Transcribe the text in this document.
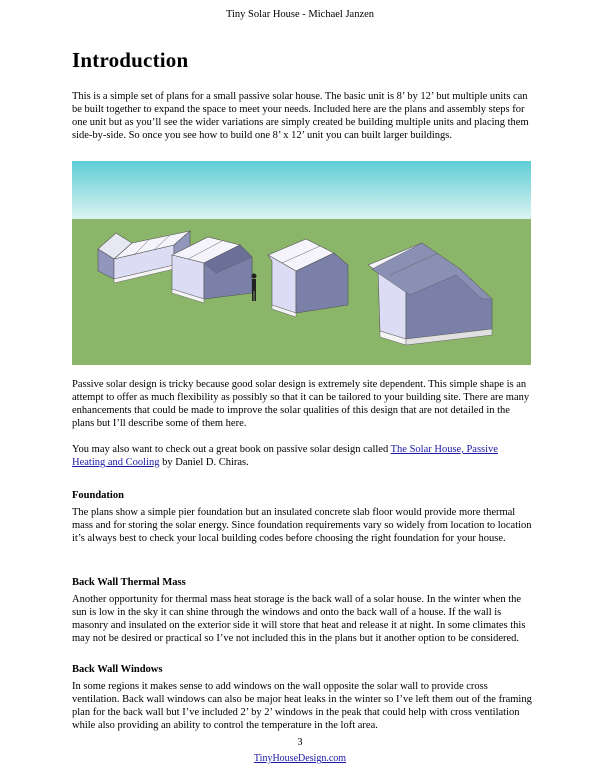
Tiny Solar House - Michael Janzen
Introduction

This is a simple set of plans for a small passive solar house. The basic unit is 8’ by 12’ but multiple units can be built together to expand the space to meet your needs. Included here are the plans and assembly steps for one unit but as you’ll see the wider variations are simply created be building multiple units and placing them side-by-side. So once you see how to build one 8’ x 12’ unit you can built larger buildings.

Passive solar design is tricky because good solar design is extremely site dependent. This simple shape is an attempt to offer as much flexibility as possibly so that it can be tailored to your building site. There are many enhancements that could be made to improve the solar qualities of this design that are not detailed in the plans but I’ll describe some of them here.

You may also want to check out a great book on passive solar design called The Solar House, Passive Heating and Cooling by Daniel D. Chiras.

Foundation

The plans show a simple pier foundation but an insulated concrete slab floor would provide more thermal mass and for storing the solar energy. Since foundation requirements vary so widely from location to location it’s always best to check your local building codes before choosing the right foundation for your house.

Back Wall Thermal Mass

Another opportunity for thermal mass heat storage is the back wall of a solar house. In the winter when the sun is low in the sky it can shine through the windows and onto the back wall of a house. If the wall is masonry and insulated on the exterior side it will store that heat and release it at night. In some climates this may not be desired or practical so I’ve not included this in the plans but it another option to be considered.

Back Wall Windows

In some regions it makes sense to add windows on the wall opposite the solar wall to provide cross ventilation. Back wall windows can also be major heat leaks in the winter so I’ve left them out of the framing plan for the back wall but I’ve included 2’ by 2’ windows in the peak that could help with cross ventilation while also providing an ability to control the temperature in the loft area.

3
TinyHouseDesign.com
